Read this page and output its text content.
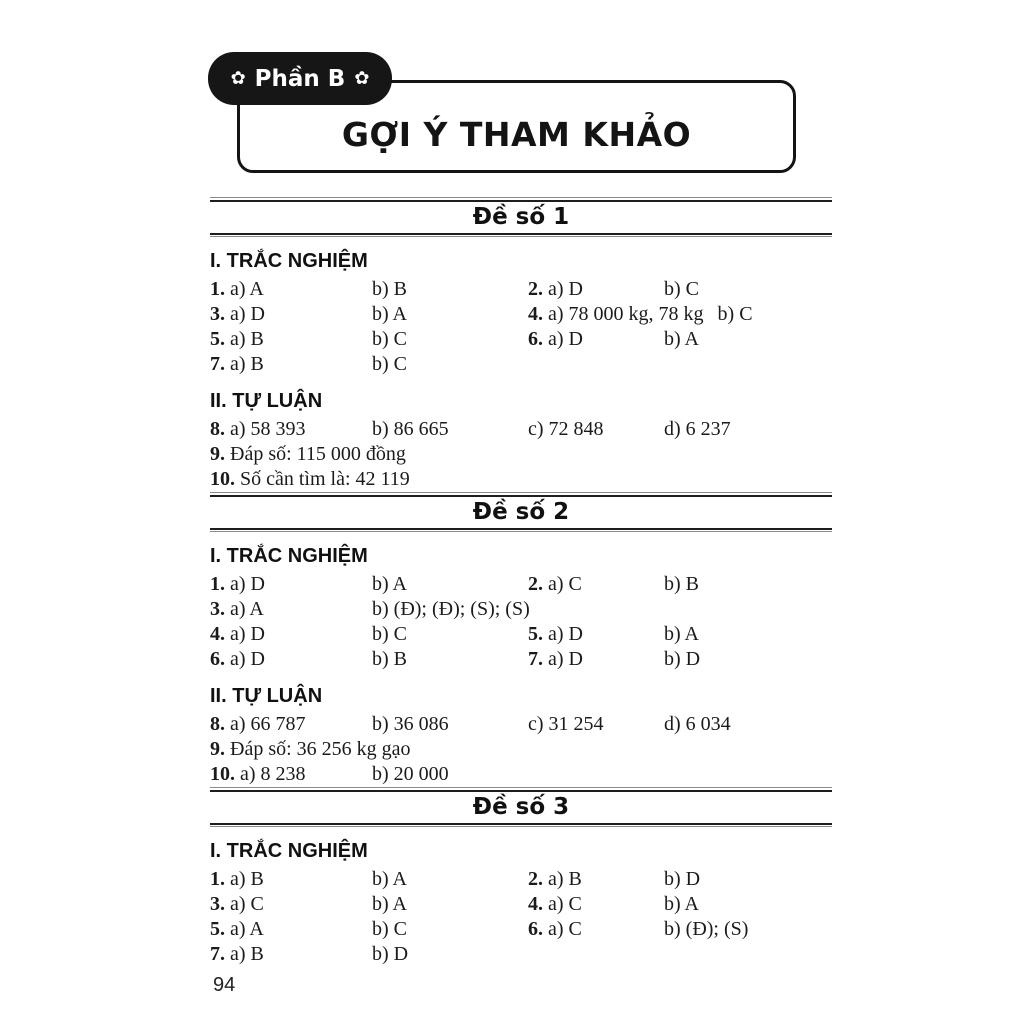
GỢI Ý THAM KHẢO
✿ Phần B ✿
Đề số 1
I. TRẮC NGHIỆM
1. a) A	b) B	2. a) D	b) C
3. a) D	b) A	4. a) 78 000 kg, 78 kg b) C
5. a) B	b) C	6. a) D	b) A
7. a) B	b) C
II. TỰ LUẬN
8. a) 58 393	b) 86 665	c) 72 848	d) 6 237
9. Đáp số: 115 000 đồng
10. Số cần tìm là: 42 119
Đề số 2
I. TRẮC NGHIỆM
1. a) D	b) A	2. a) C	b) B
3. a) A	b) (Đ); (Đ); (S); (S)
4. a) D	b) C	5. a) D	b) A
6. a) D	b) B	7. a) D	b) D
II. TỰ LUẬN
8. a) 66 787	b) 36 086	c) 31 254	d) 6 034
9. Đáp số: 36 256 kg gạo
10. a) 8 238	b) 20 000
Đề số 3
I. TRẮC NGHIỆM
1. a) B	b) A	2. a) B	b) D
3. a) C	b) A	4. a) C	b) A
5. a) A	b) C	6. a) C	b) (Đ); (S)
7. a) B	b) D
94
